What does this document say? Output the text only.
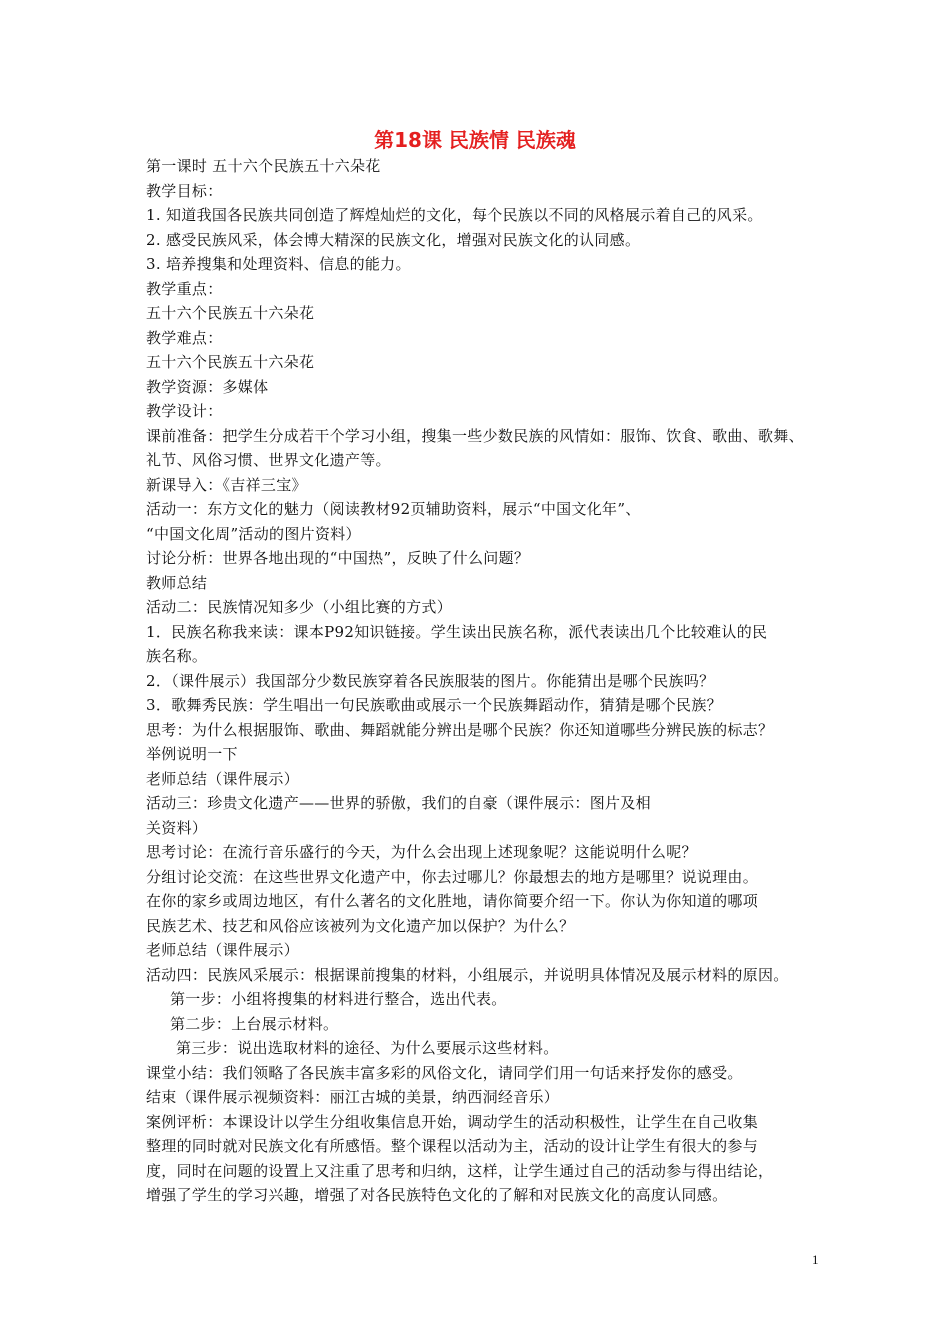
第18课 民族情 民族魂
第一课时 五十六个民族五十六朵花
教学目标：
1. 知道我国各民族共同创造了辉煌灿烂的文化，每个民族以不同的风格展示着自己的风采。
2. 感受民族风采，体会博大精深的民族文化，增强对民族文化的认同感。
3. 培养搜集和处理资料、信息的能力。
教学重点：
五十六个民族五十六朵花
教学难点：
五十六个民族五十六朵花
教学资源：多媒体
教学设计：
课前准备：把学生分成若干个学习小组，搜集一些少数民族的风情如：服饰、饮食、歌曲、歌舞、
礼节、风俗习惯、世界文化遗产等。
新课导入：《吉祥三宝》
活动一：东方文化的魅力（阅读教材92页辅助资料，展示“中国文化年”、
“中国文化周”活动的图片资料）
讨论分析：世界各地出现的“中国热”，反映了什么问题？
教师总结
活动二：民族情况知多少（小组比赛的方式）
1．民族名称我来读：课本P92知识链接。学生读出民族名称，派代表读出几个比较难认的民
族名称。
2．（课件展示）我国部分少数民族穿着各民族服装的图片。你能猜出是哪个民族吗？
3．歌舞秀民族：学生唱出一句民族歌曲或展示一个民族舞蹈动作，猜猜是哪个民族？
思考：为什么根据服饰、歌曲、舞蹈就能分辨出是哪个民族？你还知道哪些分辨民族的标志？
举例说明一下
老师总结（课件展示）
活动三：珍贵文化遗产——世界的骄傲，我们的自豪（课件展示：图片及相
关资料）
思考讨论：在流行音乐盛行的今天，为什么会出现上述现象呢？这能说明什么呢？
分组讨论交流：在这些世界文化遗产中，你去过哪儿？你最想去的地方是哪里？说说理由。
在你的家乡或周边地区，有什么著名的文化胜地，请你简要介绍一下。你认为你知道的哪项
民族艺术、技艺和风俗应该被列为文化遗产加以保护？为什么？
老师总结（课件展示）
活动四：民族风采展示：根据课前搜集的材料，小组展示，并说明具体情况及展示材料的原因。
第一步：小组将搜集的材料进行整合，选出代表。
第二步：上台展示材料。
第三步：说出选取材料的途径、为什么要展示这些材料。
课堂小结：我们领略了各民族丰富多彩的风俗文化，请同学们用一句话来抒发你的感受。
结束（课件展示视频资料：丽江古城的美景，纳西洞经音乐）
案例评析：本课设计以学生分组收集信息开始，调动学生的活动积极性，让学生在自己收集
整理的同时就对民族文化有所感悟。整个课程以活动为主，活动的设计让学生有很大的参与
度，同时在问题的设置上又注重了思考和归纳，这样，让学生通过自己的活动参与得出结论，
增强了学生的学习兴趣，增强了对各民族特色文化的了解和对民族文化的高度认同感。
1
